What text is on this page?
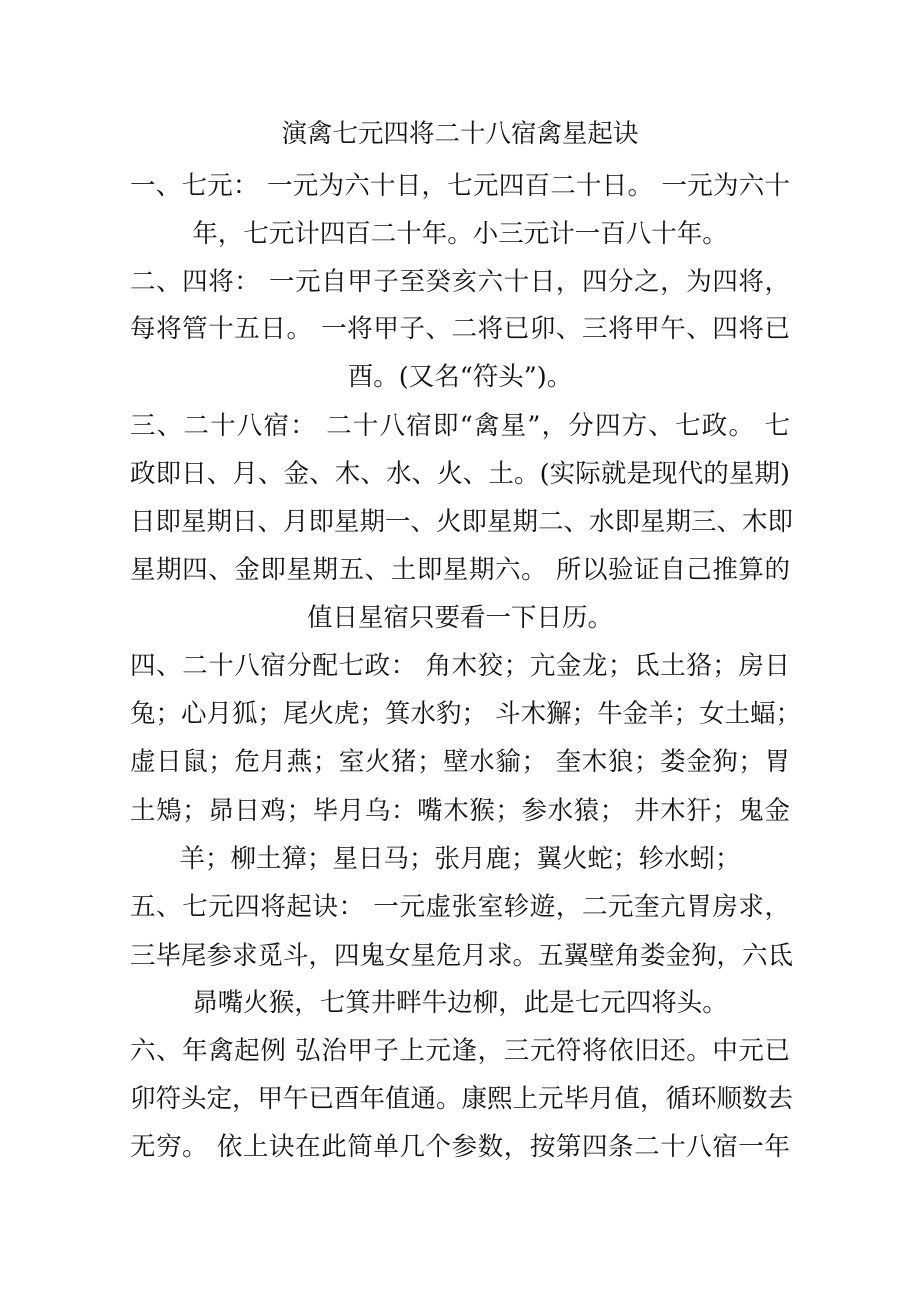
演禽七元四将二十八宿禽星起诀
一、七元： 一元为六十日，七元四百二十日。 一元为六十
年，七元计四百二十年。小三元计一百八十年。
二、四将： 一元自甲子至癸亥六十日，四分之，为四将，
每将管十五日。 一将甲子、二将已卯、三将甲午、四将已
酉。(又名“符头”)。
三、二十八宿： 二十八宿即“禽星”，分四方、七政。 七
政即日、月、金、木、水、火、土。(实际就是现代的星期)
日即星期日、月即星期一、火即星期二、水即星期三、木即
星期四、金即星期五、土即星期六。 所以验证自己推算的
值日星宿只要看一下日历。
四、二十八宿分配七政： 角木狡；亢金龙；氐土狢；房日
兔；心月狐；尾火虎；箕水豹； 斗木獬；牛金羊；女土蝠；
虚日鼠；危月燕；室火猪；壁水貐； 奎木狼；娄金狗；胃
土鴙；昴日鸡；毕月乌：嘴木猴；参水猿； 井木犴；鬼金
羊；柳土獐；星日马；张月鹿；翼火蛇；轸水蚓；
五、七元四将起诀： 一元虚张室轸遊，二元奎亢胃房求，
三毕尾参求觅斗，四鬼女星危月求。五翼壁角娄金狗，六氐
昴嘴火猴，七箕井畔牛边柳，此是七元四将头。
六、年禽起例 弘治甲子上元逢，三元符将依旧还。中元已
卯符头定，甲午已酉年值通。康熙上元毕月值，循环顺数去
无穷。 依上诀在此简单几个参数，按第四条二十八宿一年
